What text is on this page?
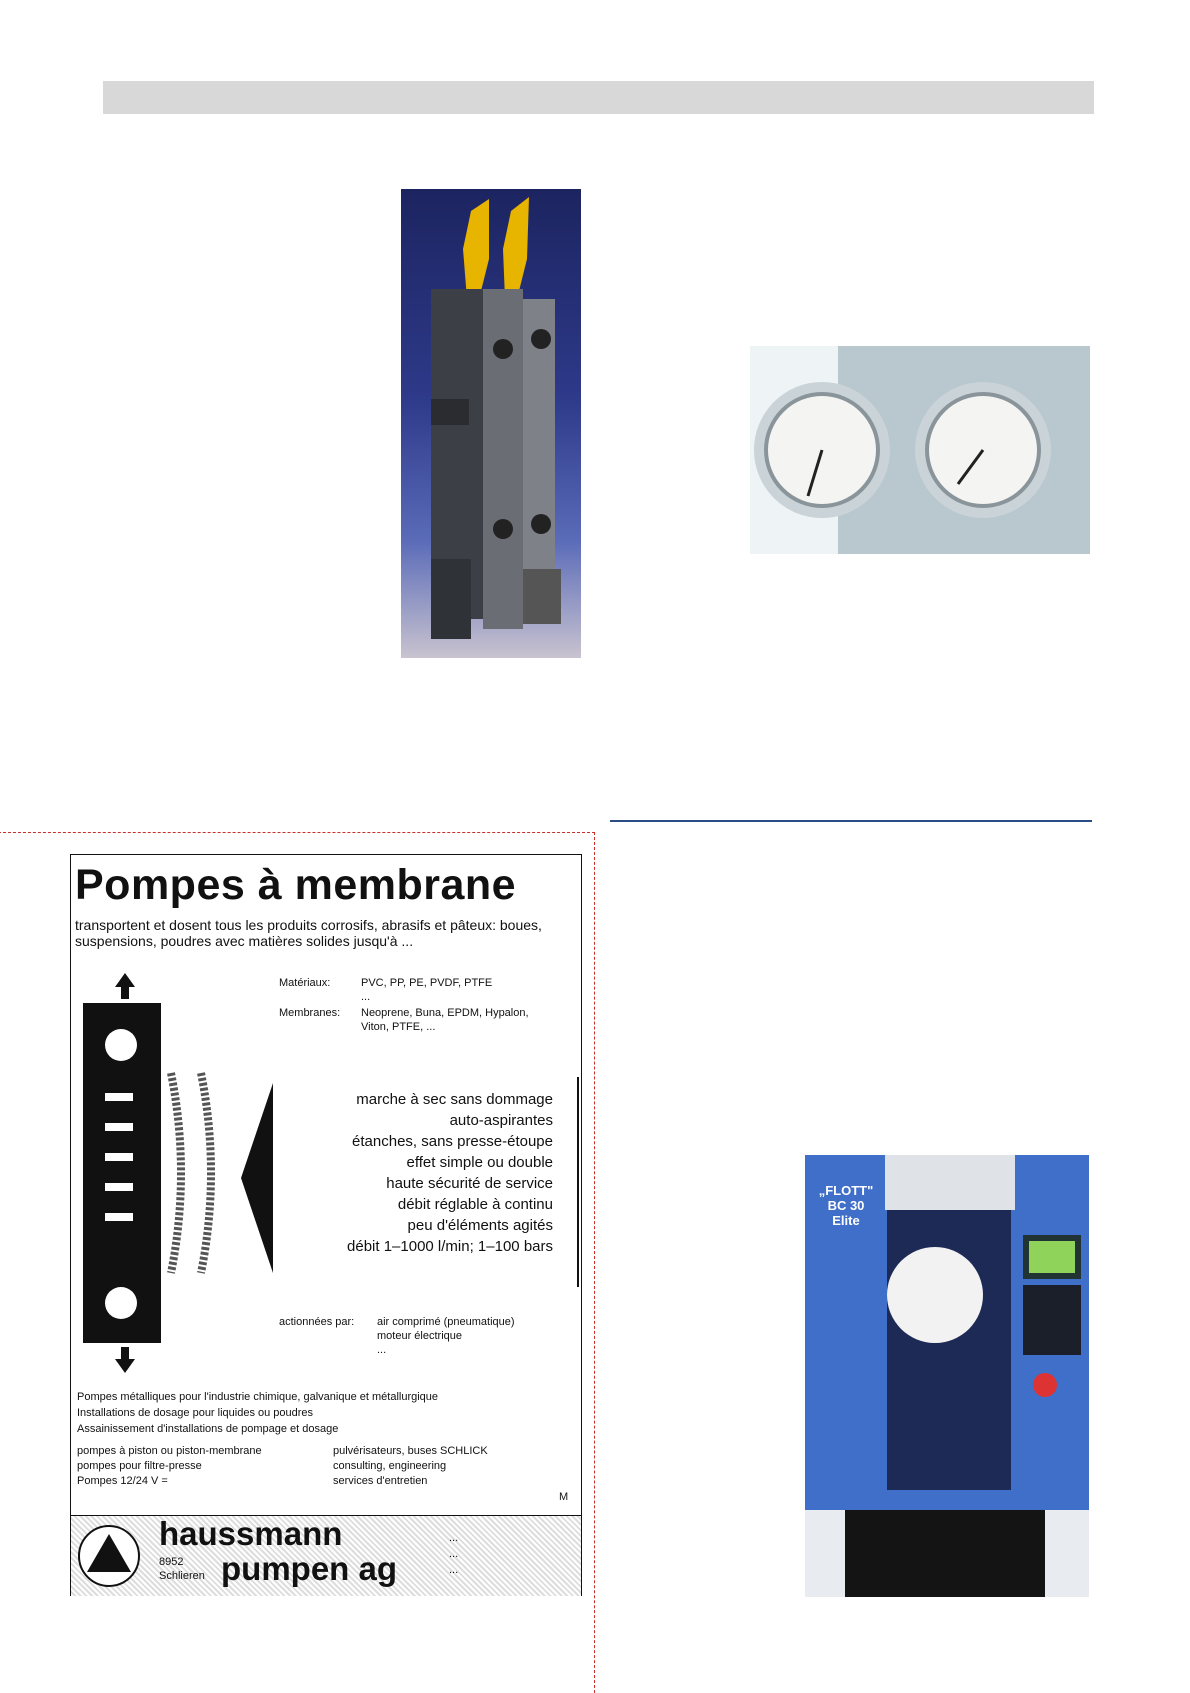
Pompes à membrane
transportent et dosent tous les produits corrosifs, abrasifs et pâteux: boues, suspensions, poudres avec matières solides jusqu'à ...
Matériaux:	PVC, PP, PE, PVDF, PTFE
...
Membranes: Neoprene, Buna, EPDM, Hypalon,
Viton, PTFE, ...
marche à sec sans dommage
auto-aspirantes
étanches, sans presse-étoupe
effet simple ou double
haute sécurité de service
débit réglable à continu
peu d'éléments agités
débit 1–1000 l/min; 1–100 bars
actionnées par: air comprimé (pneumatique)
moteur électrique
...
Pompes métalliques pour l'industrie chimique, galvanique et métallurgique
Installations de dosage pour liquides ou poudres
Assainissement d'installations de pompage et dosage
pompes à piston ou piston-membrane
pompes pour filtre-presse
Pompes 12/24 V =
pulvérisateurs, buses SCHLICK
consulting, engineering
services d'entretien
M
haussmann
pumpen ag
8952
Schlieren
...
...
...
„FLOTT"
BC 30
Elite
